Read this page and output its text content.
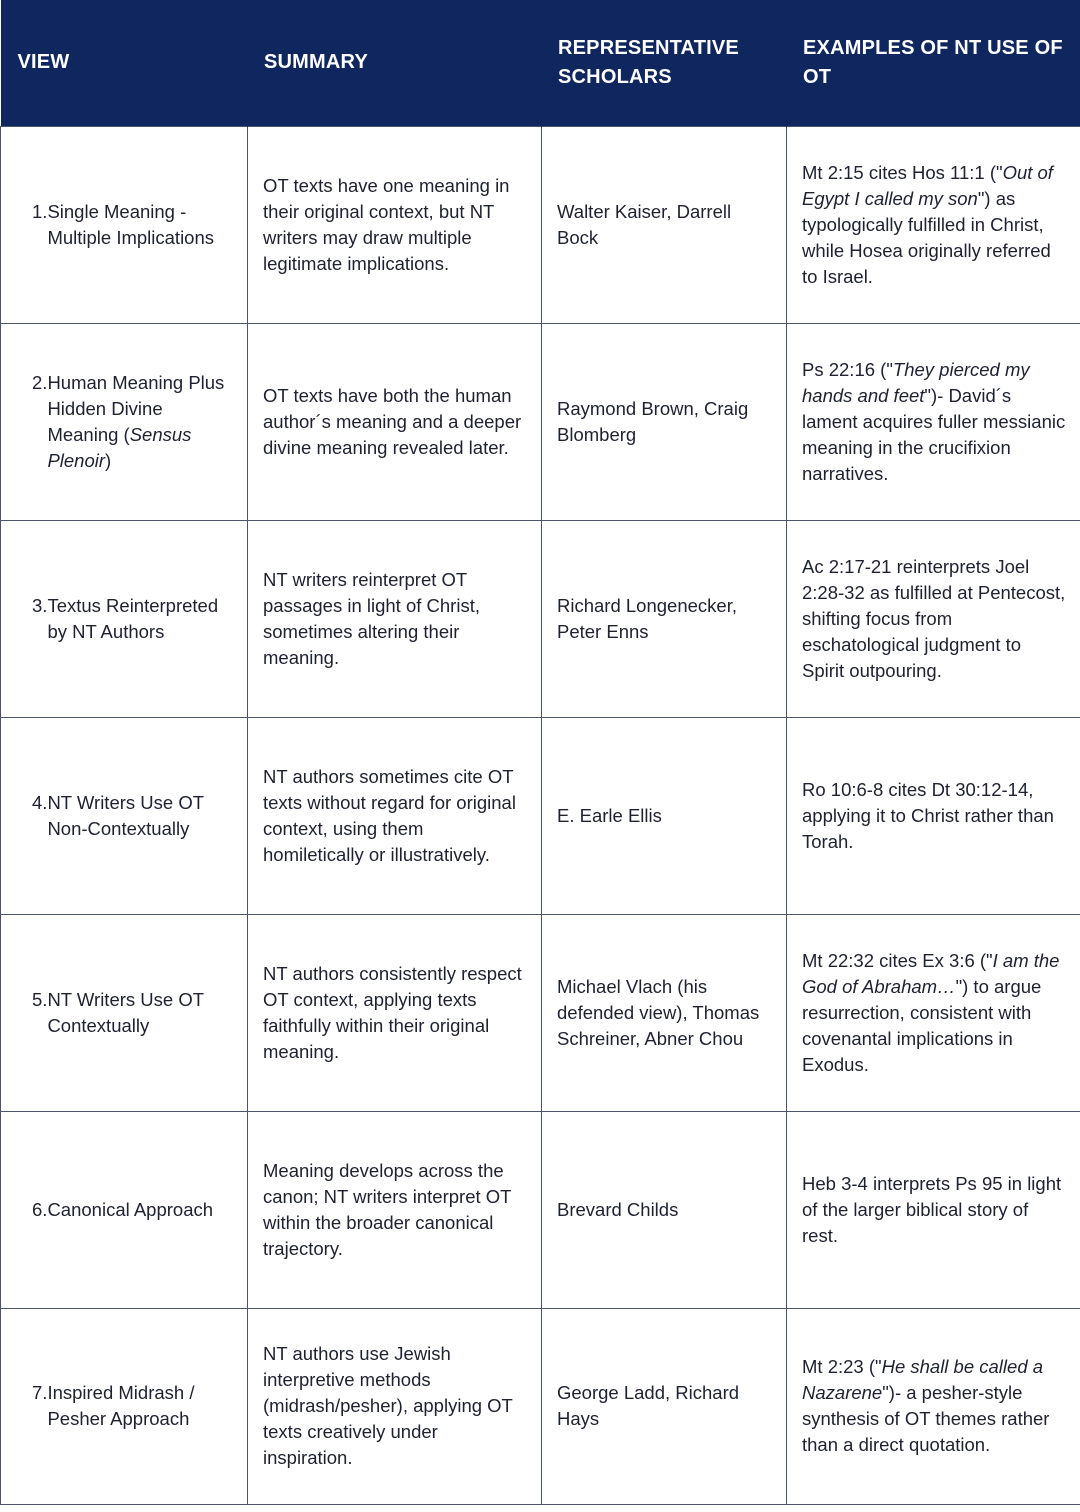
VIEW	SUMMARY	REPRESENTATIVE SCHOLARS	EXAMPLES OF NT USE OF OT

1. Single Meaning - Multiple Implications	OT texts have one meaning in their original context, but NT writers may draw multiple legitimate implications.	Walter Kaiser, Darrell Bock	Mt 2:15 cites Hos 11:1 ("Out of Egypt I called my son") as typologically fulfilled in Christ, while Hosea originally referred to Israel.

2. Human Meaning Plus Hidden Divine Meaning (Sensus Plenoir)	OT texts have both the human author´s meaning and a deeper divine meaning revealed later.	Raymond Brown, Craig Blomberg	Ps 22:16 ("They pierced my hands and feet")- David´s lament acquires fuller messianic meaning in the crucifixion narratives.

3. Textus Reinterpreted by NT Authors	NT writers reinterpret OT passages in light of Christ, sometimes altering their meaning.	Richard Longenecker, Peter Enns	Ac 2:17-21 reinterprets Joel 2:28-32 as fulfilled at Pentecost, shifting focus from eschatological judgment to Spirit outpouring.

4. NT Writers Use OT Non-Contextually	NT authors sometimes cite OT texts without regard for original context, using them homiletically or illustratively.	E. Earle Ellis	Ro 10:6-8 cites Dt 30:12-14, applying it to Christ rather than Torah.

5. NT Writers Use OT Contextually	NT authors consistently respect OT context, applying texts faithfully within their original meaning.	Michael Vlach (his defended view), Thomas Schreiner, Abner Chou	Mt 22:32 cites Ex 3:6 ("I am the God of Abraham…") to argue resurrection, consistent with covenantal implications in Exodus.

6. Canonical Approach	Meaning develops across the canon; NT writers interpret OT within the broader canonical trajectory.	Brevard Childs	Heb 3-4 interprets Ps 95 in light of the larger biblical story of rest.

7. Inspired Midrash / Pesher Approach	NT authors use Jewish interpretive methods (midrash/pesher), applying OT texts creatively under inspiration.	George Ladd, Richard Hays	Mt 2:23 ("He shall be called a Nazarene")- a pesher-style synthesis of OT themes rather than a direct quotation.
